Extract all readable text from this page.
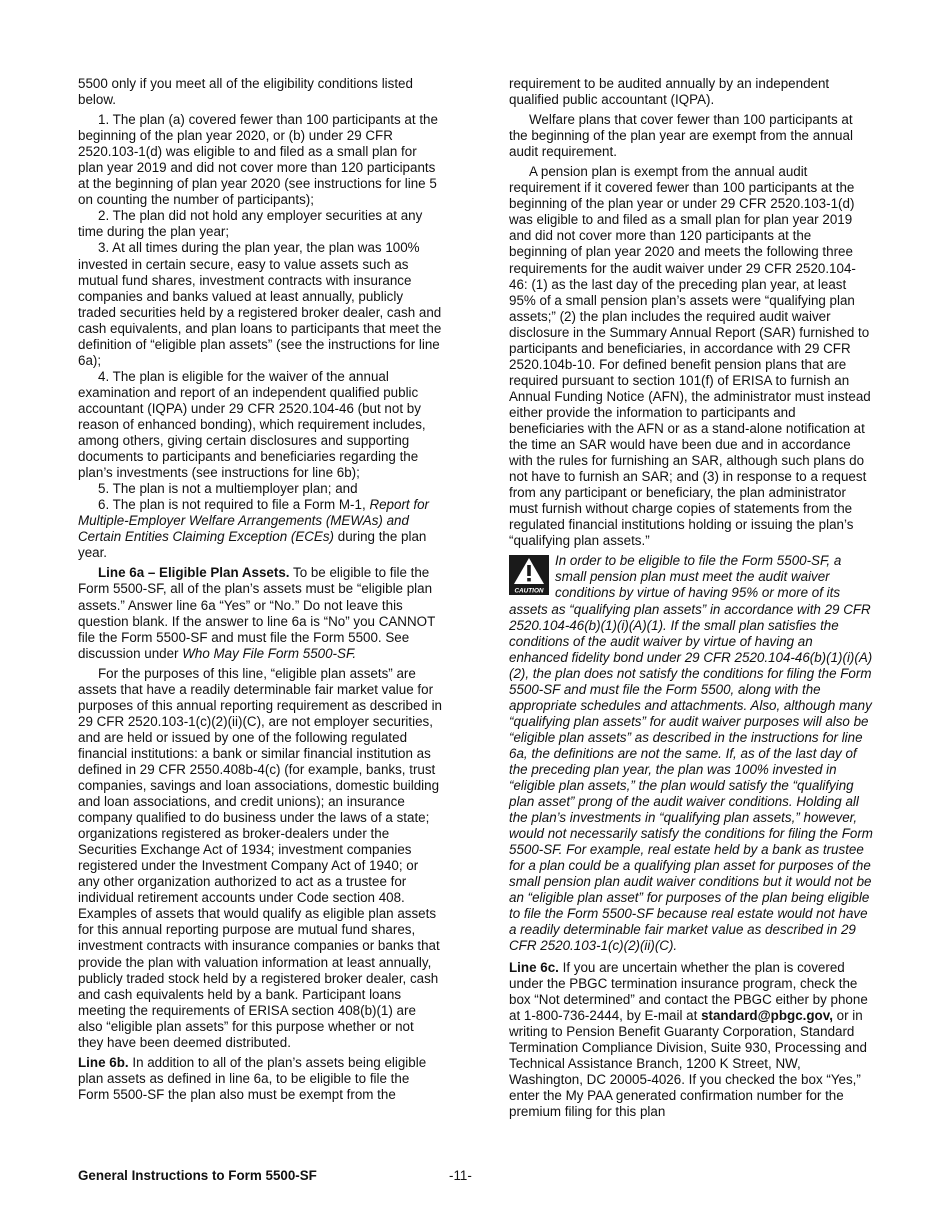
5500 only if you meet all of the eligibility conditions listed below.

1. The plan (a) covered fewer than 100 participants at the beginning of the plan year 2020, or (b) under 29 CFR 2520.103-1(d) was eligible to and filed as a small plan for plan year 2019 and did not cover more than 120 participants at the beginning of plan year 2020 (see instructions for line 5 on counting the number of participants);

2. The plan did not hold any employer securities at any time during the plan year;

3. At all times during the plan year, the plan was 100% invested in certain secure, easy to value assets such as mutual fund shares, investment contracts with insurance companies and banks valued at least annually, publicly traded securities held by a registered broker dealer, cash and cash equivalents, and plan loans to participants that meet the definition of “eligible plan assets” (see the instructions for line 6a);

4. The plan is eligible for the waiver of the annual examination and report of an independent qualified public accountant (IQPA) under 29 CFR 2520.104-46 (but not by reason of enhanced bonding), which requirement includes, among others, giving certain disclosures and supporting documents to participants and beneficiaries regarding the plan’s investments (see instructions for line 6b);

5. The plan is not a multiemployer plan; and

6. The plan is not required to file a Form M-1, Report for Multiple-Employer Welfare Arrangements (MEWAs) and Certain Entities Claiming Exception (ECEs) during the plan year.

Line 6a – Eligible Plan Assets. To be eligible to file the Form 5500-SF, all of the plan’s assets must be “eligible plan assets.” Answer line 6a “Yes” or “No.” Do not leave this question blank. If the answer to line 6a is “No” you CANNOT file the Form 5500-SF and must file the Form 5500. See discussion under Who May File Form 5500-SF.

For the purposes of this line, “eligible plan assets” are assets that have a readily determinable fair market value for purposes of this annual reporting requirement as described in 29 CFR 2520.103-1(c)(2)(ii)(C), are not employer securities, and are held or issued by one of the following regulated financial institutions: a bank or similar financial institution as defined in 29 CFR 2550.408b-4(c) (for example, banks, trust companies, savings and loan associations, domestic building and loan associations, and credit unions); an insurance company qualified to do business under the laws of a state; organizations registered as broker-dealers under the Securities Exchange Act of 1934; investment companies registered under the Investment Company Act of 1940; or any other organization authorized to act as a trustee for individual retirement accounts under Code section 408. Examples of assets that would qualify as eligible plan assets for this annual reporting purpose are mutual fund shares, investment contracts with insurance companies or banks that provide the plan with valuation information at least annually, publicly traded stock held by a registered broker dealer, cash and cash equivalents held by a bank. Participant loans meeting the requirements of ERISA section 408(b)(1) are also “eligible plan assets” for this purpose whether or not they have been deemed distributed.

Line 6b. In addition to all of the plan’s assets being eligible plan assets as defined in line 6a, to be eligible to file the Form 5500-SF the plan also must be exempt from the

requirement to be audited annually by an independent qualified public accountant (IQPA).

Welfare plans that cover fewer than 100 participants at the beginning of the plan year are exempt from the annual audit requirement.

A pension plan is exempt from the annual audit requirement if it covered fewer than 100 participants at the beginning of the plan year or under 29 CFR 2520.103-1(d) was eligible to and filed as a small plan for plan year 2019 and did not cover more than 120 participants at the beginning of plan year 2020 and meets the following three requirements for the audit waiver under 29 CFR 2520.104-46: (1) as the last day of the preceding plan year, at least 95% of a small pension plan’s assets were “qualifying plan assets;” (2) the plan includes the required audit waiver disclosure in the Summary Annual Report (SAR) furnished to participants and beneficiaries, in accordance with 29 CFR 2520.104b-10. For defined benefit pension plans that are required pursuant to section 101(f) of ERISA to furnish an Annual Funding Notice (AFN), the administrator must instead either provide the information to participants and beneficiaries with the AFN or as a stand-alone notification at the time an SAR would have been due and in accordance with the rules for furnishing an SAR, although such plans do not have to furnish an SAR; and (3) in response to a request from any participant or beneficiary, the plan administrator must furnish without charge copies of statements from the regulated financial institutions holding or issuing the plan’s “qualifying plan assets.”

CAUTION
In order to be eligible to file the Form 5500-SF, a small pension plan must meet the audit waiver conditions by virtue of having 95% or more of its assets as “qualifying plan assets” in accordance with 29 CFR 2520.104-46(b)(1)(i)(A)(1). If the small plan satisfies the conditions of the audit waiver by virtue of having an enhanced fidelity bond under 29 CFR 2520.104-46(b)(1)(i)(A)(2), the plan does not satisfy the conditions for filing the Form 5500-SF and must file the Form 5500, along with the appropriate schedules and attachments. Also, although many “qualifying plan assets” for audit waiver purposes will also be “eligible plan assets” as described in the instructions for line 6a, the definitions are not the same. If, as of the last day of the preceding plan year, the plan was 100% invested in “eligible plan assets,” the plan would satisfy the “qualifying plan asset” prong of the audit waiver conditions. Holding all the plan’s investments in “qualifying plan assets,” however, would not necessarily satisfy the conditions for filing the Form 5500-SF. For example, real estate held by a bank as trustee for a plan could be a qualifying plan asset for purposes of the small pension plan audit waiver conditions but it would not be an “eligible plan asset” for purposes of the plan being eligible to file the Form 5500-SF because real estate would not have a readily determinable fair market value as described in 29 CFR 2520.103-1(c)(2)(ii)(C).

Line 6c. If you are uncertain whether the plan is covered under the PBGC termination insurance program, check the box “Not determined” and contact the PBGC either by phone at 1-800-736-2444, by E-mail at standard@pbgc.gov, or in writing to Pension Benefit Guaranty Corporation, Standard Termination Compliance Division, Suite 930, Processing and Technical Assistance Branch, 1200 K Street, NW, Washington, DC 20005-4026. If you checked the box “Yes,” enter the My PAA generated confirmation number for the premium filing for this plan

General Instructions to Form 5500-SF	-11-
